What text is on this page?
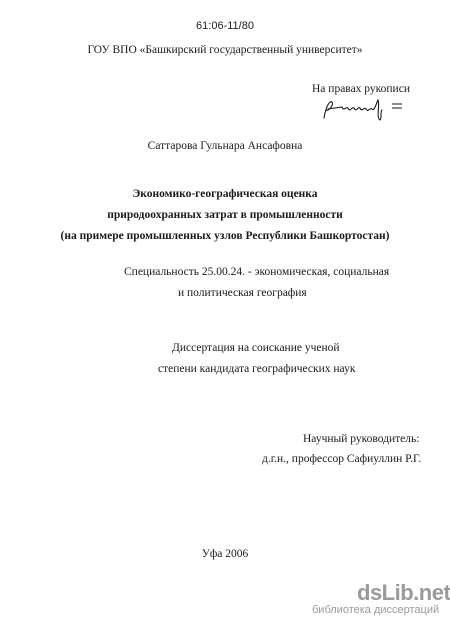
61:06-11/80
ГОУ ВПО «Башкирский государственный университет»
На правах рукописи
Саттарова Гульнара Ансафовна
Экономико-географическая оценка
природоохранных затрат в промышленности
(на примере промышленных узлов Республики Башкортостан)
Специальность 25.00.24. - экономическая, социальная
и политическая география
Диссертация на соискание ученой
степени кандидата географических наук
Научный руководитель:
д.г.н., профессор Сафиуллин Р.Г.
Уфа 2006
dsLib.net
библиотека диссертаций
